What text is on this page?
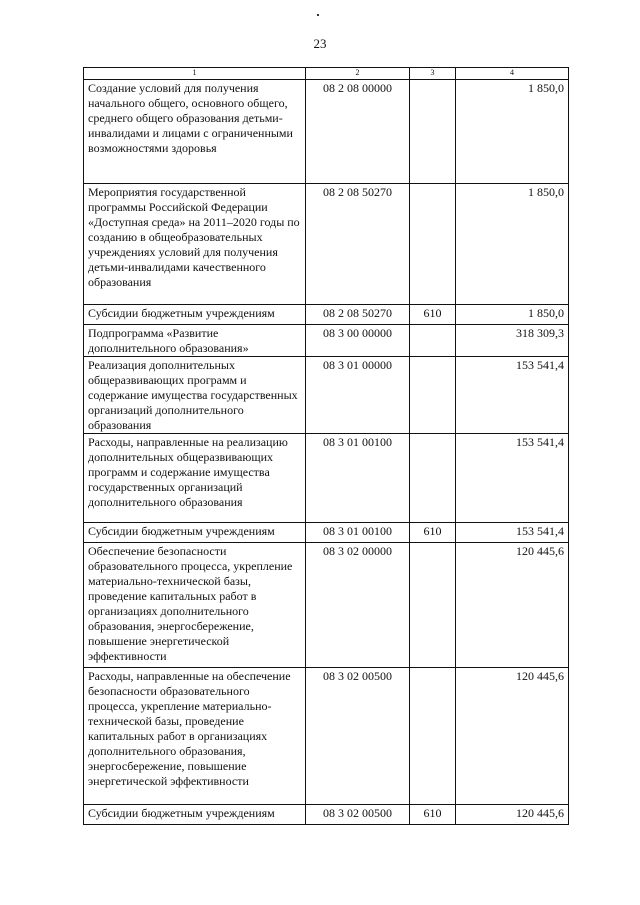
23
1	2	3	4
Создание условий для получения начального общего, основного общего, среднего общего образования детьми-инвалидами и лицами с ограниченными возможностями здоровья	08 2 08 00000		1 850,0
Мероприятия государственной программы Российской Федерации «Доступная среда» на 2011–2020 годы по созданию в общеобразовательных учреждениях условий для получения детьми-инвалидами качественного образования	08 2 08 50270		1 850,0
Субсидии бюджетным учреждениям	08 2 08 50270	610	1 850,0
Подпрограмма «Развитие дополнительного образования»	08 3 00 00000		318 309,3
Реализация дополнительных общеразвивающих программ и содержание имущества государственных организаций дополнительного образования	08 3 01 00000		153 541,4
Расходы, направленные на реализацию дополнительных общеразвивающих программ и содержание имущества государственных организаций дополнительного образования	08 3 01 00100		153 541,4
Субсидии бюджетным учреждениям	08 3 01 00100	610	153 541,4
Обеспечение безопасности образовательного процесса, укрепление материально-технической базы, проведение капитальных работ в организациях дополнительного образования, энергосбережение, повышение энергетической эффективности	08 3 02 00000		120 445,6
Расходы, направленные на обеспечение безопасности образовательного процесса, укрепление материально-технической базы, проведение капитальных работ в организациях дополнительного образования, энергосбережение, повышение энергетической эффективности	08 3 02 00500		120 445,6
Субсидии бюджетным учреждениям	08 3 02 00500	610	120 445,6
